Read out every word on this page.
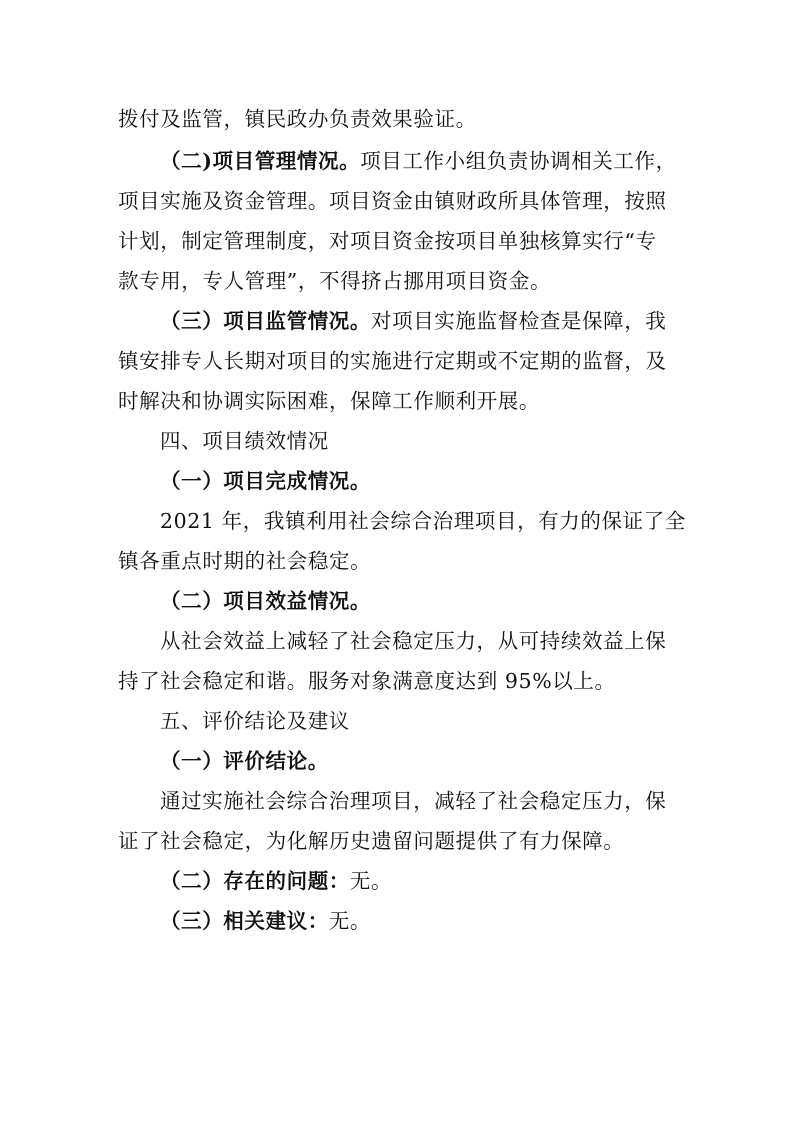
拨付及监管，镇民政办负责效果验证。
（二)项目管理情况。项目工作小组负责协调相关工作，
项目实施及资金管理。项目资金由镇财政所具体管理，按照
计划，制定管理制度，对项目资金按项目单独核算实行“专
款专用，专人管理”，不得挤占挪用项目资金。
（三）项目监管情况。对项目实施监督检查是保障，我
镇安排专人长期对项目的实施进行定期或不定期的监督，及
时解决和协调实际困难，保障工作顺利开展。
四、项目绩效情况
（一）项目完成情况。
2021 年，我镇利用社会综合治理项目，有力的保证了全
镇各重点时期的社会稳定。
（二）项目效益情况。
从社会效益上减轻了社会稳定压力，从可持续效益上保
持了社会稳定和谐。服务对象满意度达到 95%以上。
五、评价结论及建议
（一）评价结论。
通过实施社会综合治理项目，减轻了社会稳定压力，保
证了社会稳定，为化解历史遗留问题提供了有力保障。
（二）存在的问题：无。
（三）相关建议：无。
